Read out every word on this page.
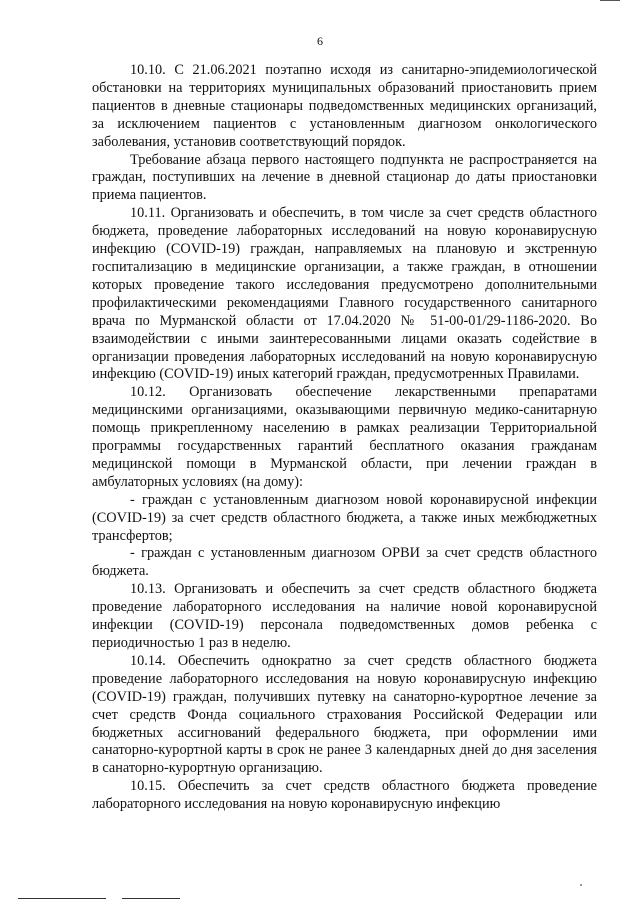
6

10.10. С 21.06.2021 поэтапно исходя из санитарно-эпидемиологической обстановки на территориях муниципальных образований приостановить прием пациентов в дневные стационары подведомственных медицинских организаций, за исключением пациентов с установленным диагнозом онкологического заболевания, установив соответствующий порядок.

Требование абзаца первого настоящего подпункта не распространяется на граждан, поступивших на лечение в дневной стационар до даты приостановки приема пациентов.

10.11. Организовать и обеспечить, в том числе за счет средств областного бюджета, проведение лабораторных исследований на новую коронавирусную инфекцию (COVID-19) граждан, направляемых на плановую и экстренную госпитализацию в медицинские организации, а также граждан, в отношении которых проведение такого исследования предусмотрено дополнительными профилактическими рекомендациями Главного государственного санитарного врача по Мурманской области от 17.04.2020 № 51-00-01/29-1186-2020. Во взаимодействии с иными заинтересованными лицами оказать содействие в организации проведения лабораторных исследований на новую коронавирусную инфекцию (COVID-19) иных категорий граждан, предусмотренных Правилами.

10.12. Организовать обеспечение лекарственными препаратами медицинскими организациями, оказывающими первичную медико-санитарную помощь прикрепленному населению в рамках реализации Территориальной программы государственных гарантий бесплатного оказания гражданам медицинской помощи в Мурманской области, при лечении граждан в амбулаторных условиях (на дому):

- граждан с установленным диагнозом новой коронавирусной инфекции (COVID-19) за счет средств областного бюджета, а также иных межбюджетных трансфертов;

- граждан с установленным диагнозом ОРВИ за счет средств областного бюджета.

10.13. Организовать и обеспечить за счет средств областного бюджета проведение лабораторного исследования на наличие новой коронавирусной инфекции (COVID-19) персонала подведомственных домов ребенка с периодичностью 1 раз в неделю.

10.14. Обеспечить однократно за счет средств областного бюджета проведение лабораторного исследования на новую коронавирусную инфекцию (COVID-19) граждан, получивших путевку на санаторно-курортное лечение за счет средств Фонда социального страхования Российской Федерации или бюджетных ассигнований федерального бюджета, при оформлении ими санаторно-курортной карты в срок не ранее 3 календарных дней до дня заселения в санаторно-курортную организацию.

10.15. Обеспечить за счет средств областного бюджета проведение лабораторного исследования на новую коронавирусную инфекцию
